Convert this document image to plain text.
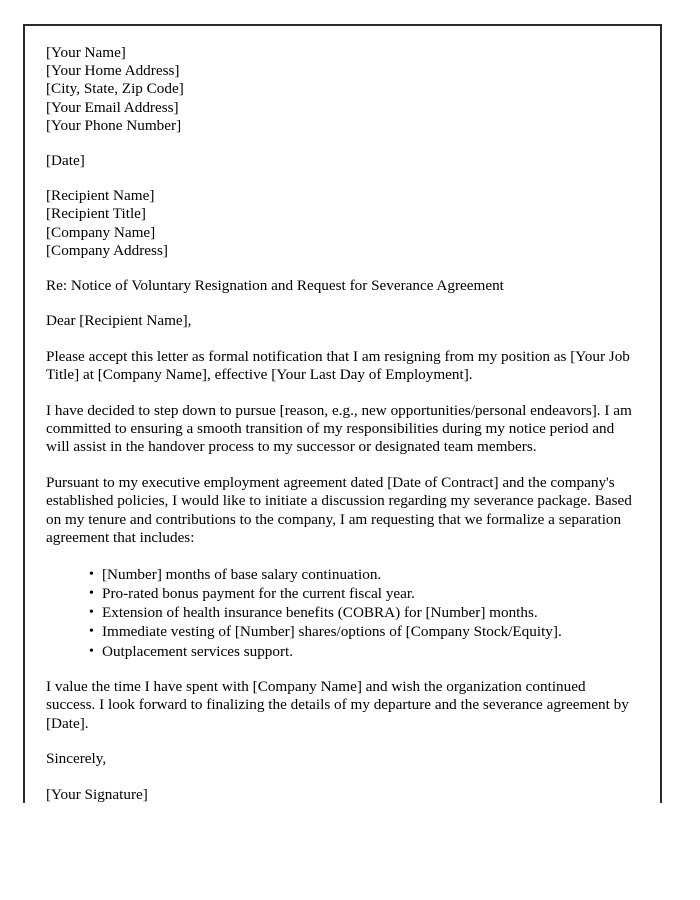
[Your Name]
[Your Home Address]
[City, State, Zip Code]
[Your Email Address]
[Your Phone Number]
[Date]
[Recipient Name]
[Recipient Title]
[Company Name]
[Company Address]

Re: Notice of Voluntary Resignation and Request for Severance Agreement

Dear [Recipient Name],

Please accept this letter as formal notification that I am resigning from my position as [Your Job Title] at [Company Name], effective [Your Last Day of Employment].

I have decided to step down to pursue [reason, e.g., new opportunities/personal endeavors]. I am committed to ensuring a smooth transition of my responsibilities during my notice period and will assist in the handover process to my successor or designated team members.

Pursuant to my executive employment agreement dated [Date of Contract] and the company's established policies, I would like to initiate a discussion regarding my severance package. Based on my tenure and contributions to the company, I am requesting that we formalize a separation agreement that includes:

• [Number] months of base salary continuation.
• Pro-rated bonus payment for the current fiscal year.
• Extension of health insurance benefits (COBRA) for [Number] months.
• Immediate vesting of [Number] shares/options of [Company Stock/Equity].
• Outplacement services support.

I value the time I have spent with [Company Name] and wish the organization continued success. I look forward to finalizing the details of my departure and the severance agreement by [Date].

Sincerely,

[Your Signature]
